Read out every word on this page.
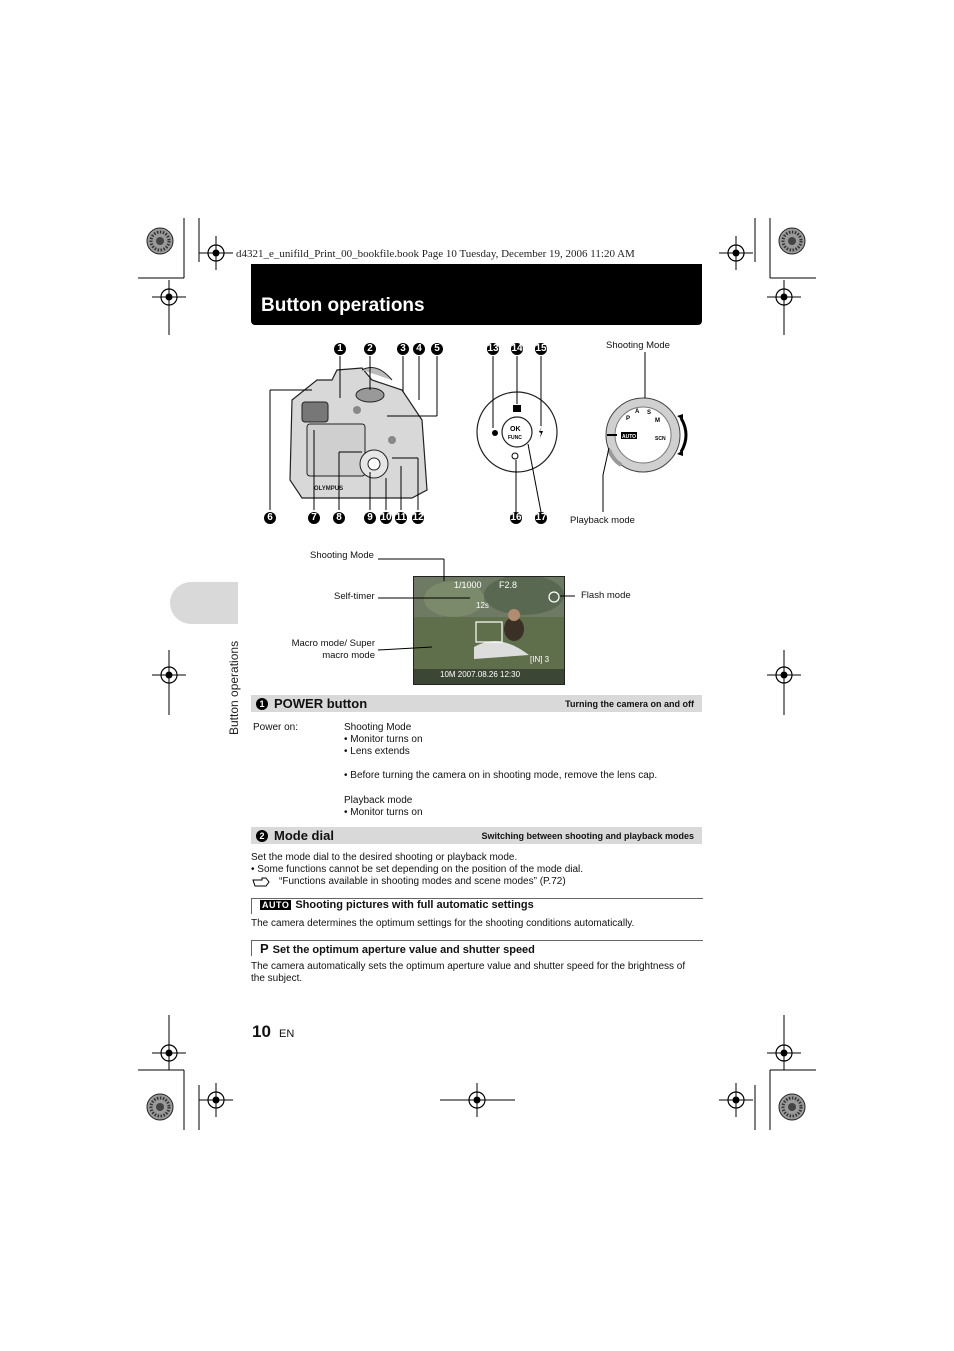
d4321_e_unifild_Print_00_bookfile.book Page 10 Tuesday, December 19, 2006 11:20 AM
Button operations
Button operations
OLYMPUS
1	2	3	4	5
6	7	8	9 10 11 12
OK
FUNC
13 14 15
16 17
AUTO
P
A S
M
SCN
Shooting Mode
Playback mode
1/1000 F2.8
12s
[IN] 3
10M 2007.08.26 12:30
Shooting Mode
Self-timer
Macro mode/ Super macro mode
Flash mode
1 POWER button	Turning the camera on and off
Power on:	Shooting Mode
• Monitor turns on
• Lens extends
• Before turning the camera on in shooting mode, remove the lens cap.
Playback mode
• Monitor turns on
2 Mode dial	Switching between shooting and playback modes
Set the mode dial to the desired shooting or playback mode.
• Some functions cannot be set depending on the position of the mode dial.
“Functions available in shooting modes and scene modes” (P.72)
AUTO Shooting pictures with full automatic settings
The camera determines the optimum settings for the shooting conditions automatically.
P Set the optimum aperture value and shutter speed
The camera automatically sets the optimum aperture value and shutter speed for the brightness of
the subject.
10 EN
